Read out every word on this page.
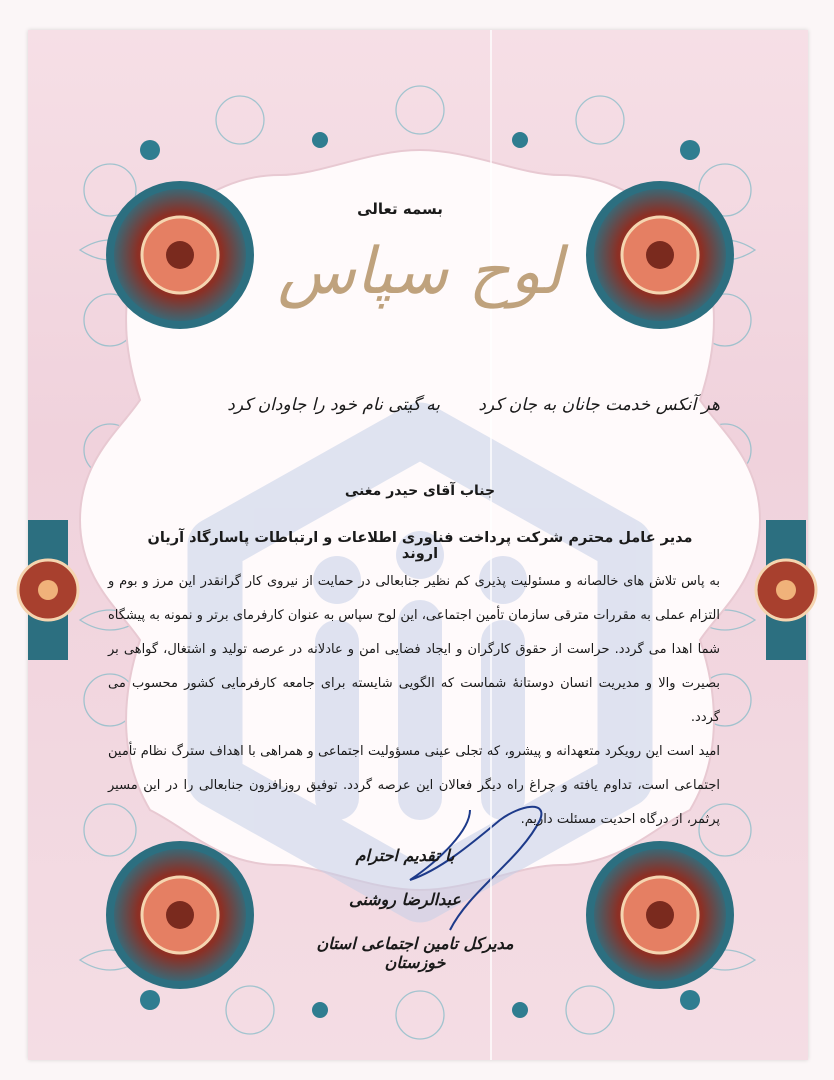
بسمه تعالی
لوح سپاس
هر آنکس خدمت جانان به جان کرد
به گیتی نام خود را جاودان کرد
جناب آقای حیدر مغنی
مدیر عامل محترم شرکت پرداخت فناوری اطلاعات و ارتباطات پاسارگاد آریان اروند
به پاس تلاش های خالصانه و مسئولیت پذیری کم نظیر جنابعالی در حمایت از نیروی کار گرانقدر این مرز و بوم و التزام عملی به مقررات مترقی سازمان تأمین اجتماعی، این لوح سپاس به عنوان کارفرمای برتر و نمونه به پیشگاه شما اهدا می گردد. حراست از حقوق کارگران و ایجاد فضایی امن و عادلانه در عرصه تولید و اشتغال، گواهی بر بصیرت والا و مدیریت انسان دوستانهٔ شماست که الگویی شایسته برای جامعه کارفرمایی کشور محسوب می گردد.
امید است این رویکرد متعهدانه و پیشرو، که تجلی عینی مسؤولیت اجتماعی و همراهی با اهداف سترگ نظام تأمین اجتماعی است، تداوم یافته و چراغ راه دیگر فعالان این عرصه گردد. توفیق روزافزون جنابعالی را در این مسیر پرثمر، از درگاه احدیت مسئلت داریم.
با تقدیم احترام
عبدالرضا روشنی
مدیرکل تامین اجتماعی استان خوزستان
